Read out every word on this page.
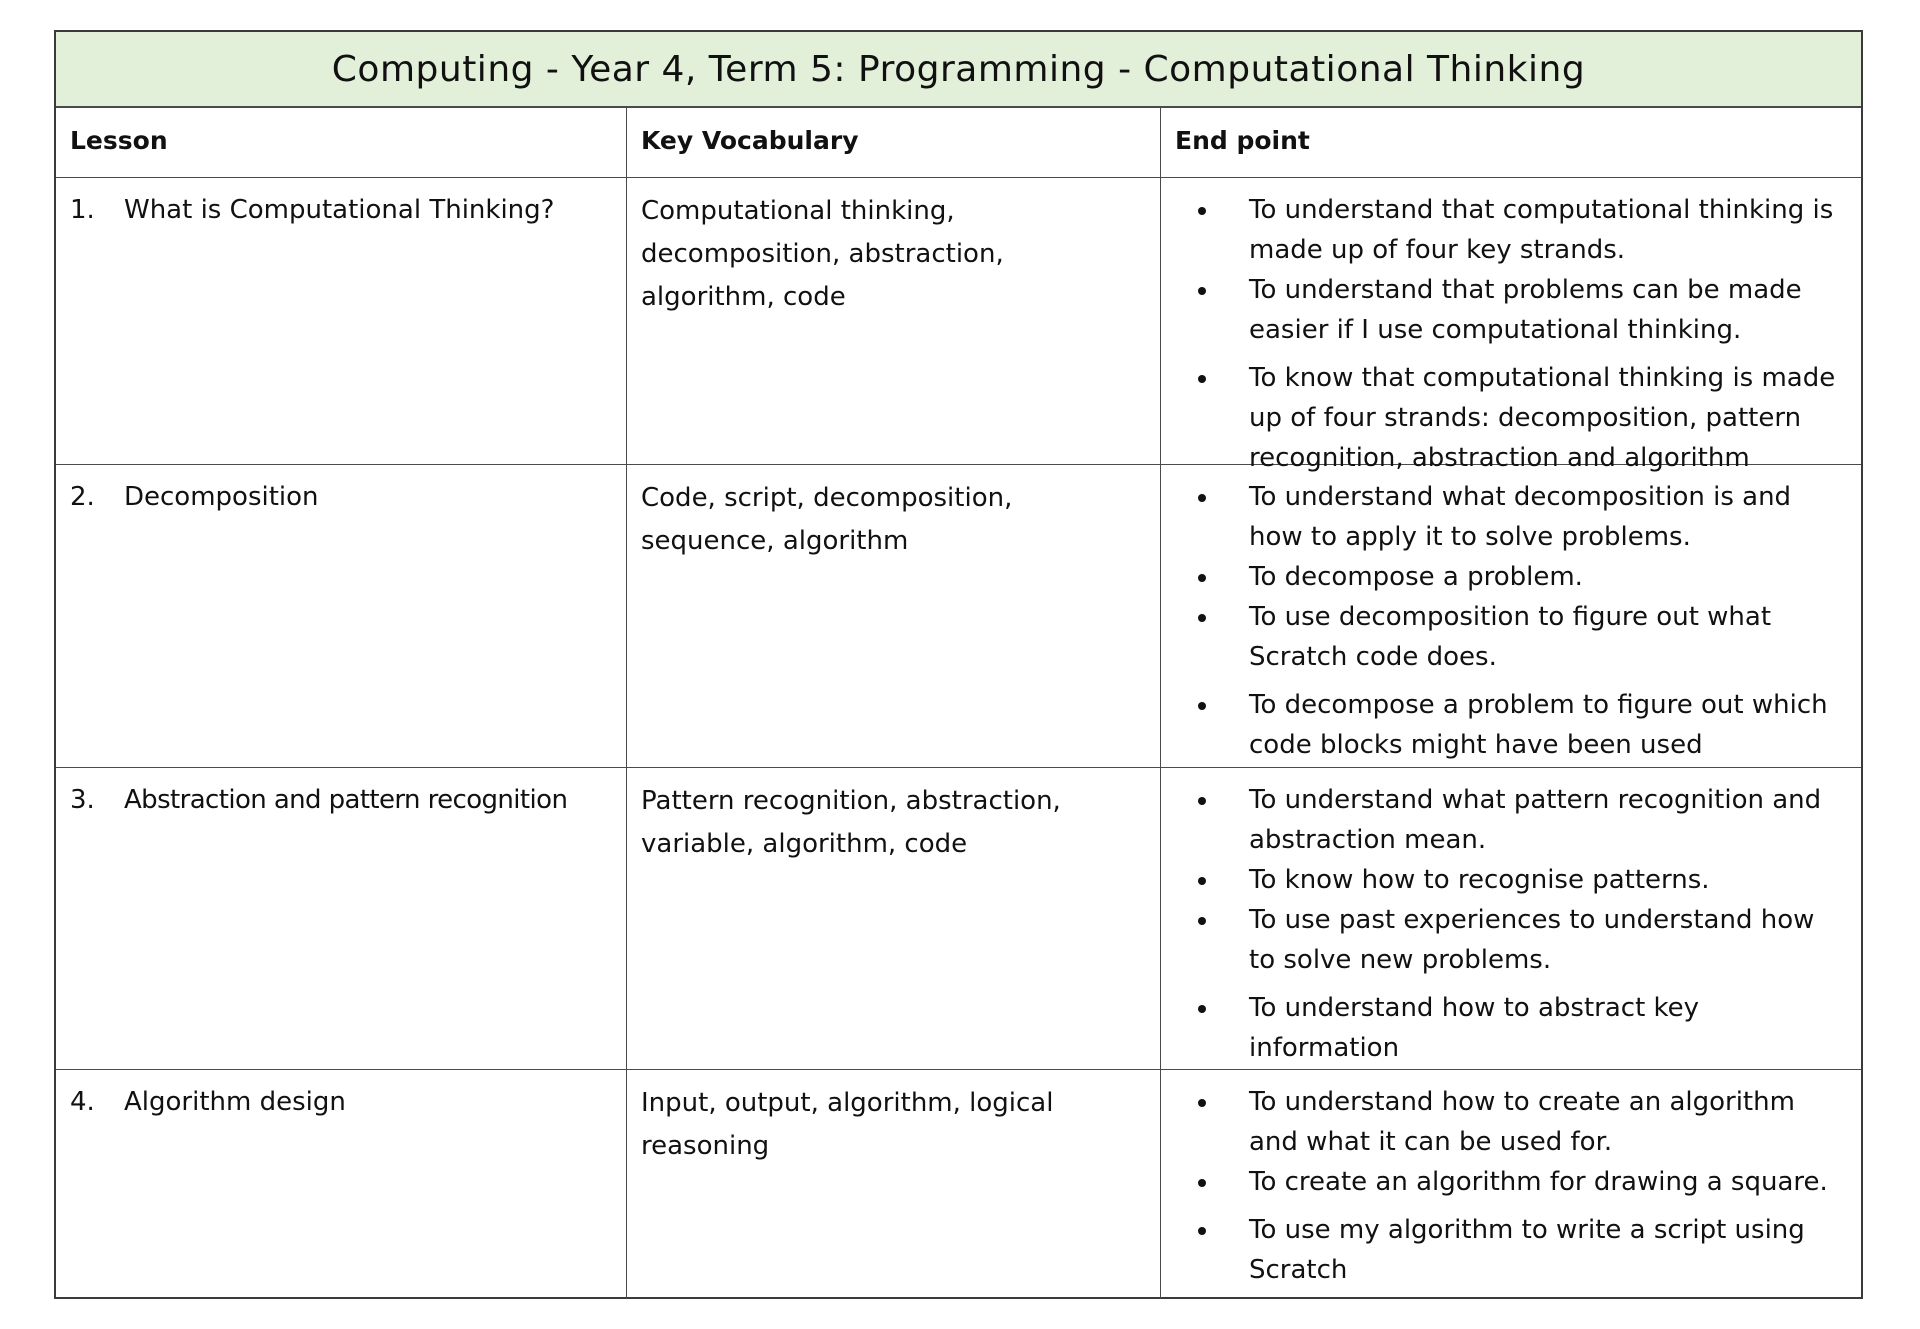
Computing - Year 4, Term 5: Programming - Computational Thinking
Lesson	Key Vocabulary	End point
1.	What is Computational Thinking?	Computational thinking, decomposition, abstraction, algorithm, code
To understand that computational thinking is made up of four key strands.
To understand that problems can be made easier if I use computational thinking.
To know that computational thinking is made up of four strands: decomposition, pattern recognition, abstraction and algorithm
2.	Decomposition	Code, script, decomposition, sequence, algorithm
To understand what decomposition is and how to apply it to solve problems.
To decompose a problem.
To use decomposition to figure out what Scratch code does.
To decompose a problem to figure out which code blocks might have been used
3.	Abstraction and pattern recognition	Pattern recognition, abstraction, variable, algorithm, code
To understand what pattern recognition and abstraction mean.
To know how to recognise patterns.
To use past experiences to understand how to solve new problems.
To understand how to abstract key information
4.	Algorithm design	Input, output, algorithm, logical reasoning
To understand how to create an algorithm and what it can be used for.
To create an algorithm for drawing a square.
To use my algorithm to write a script using Scratch
